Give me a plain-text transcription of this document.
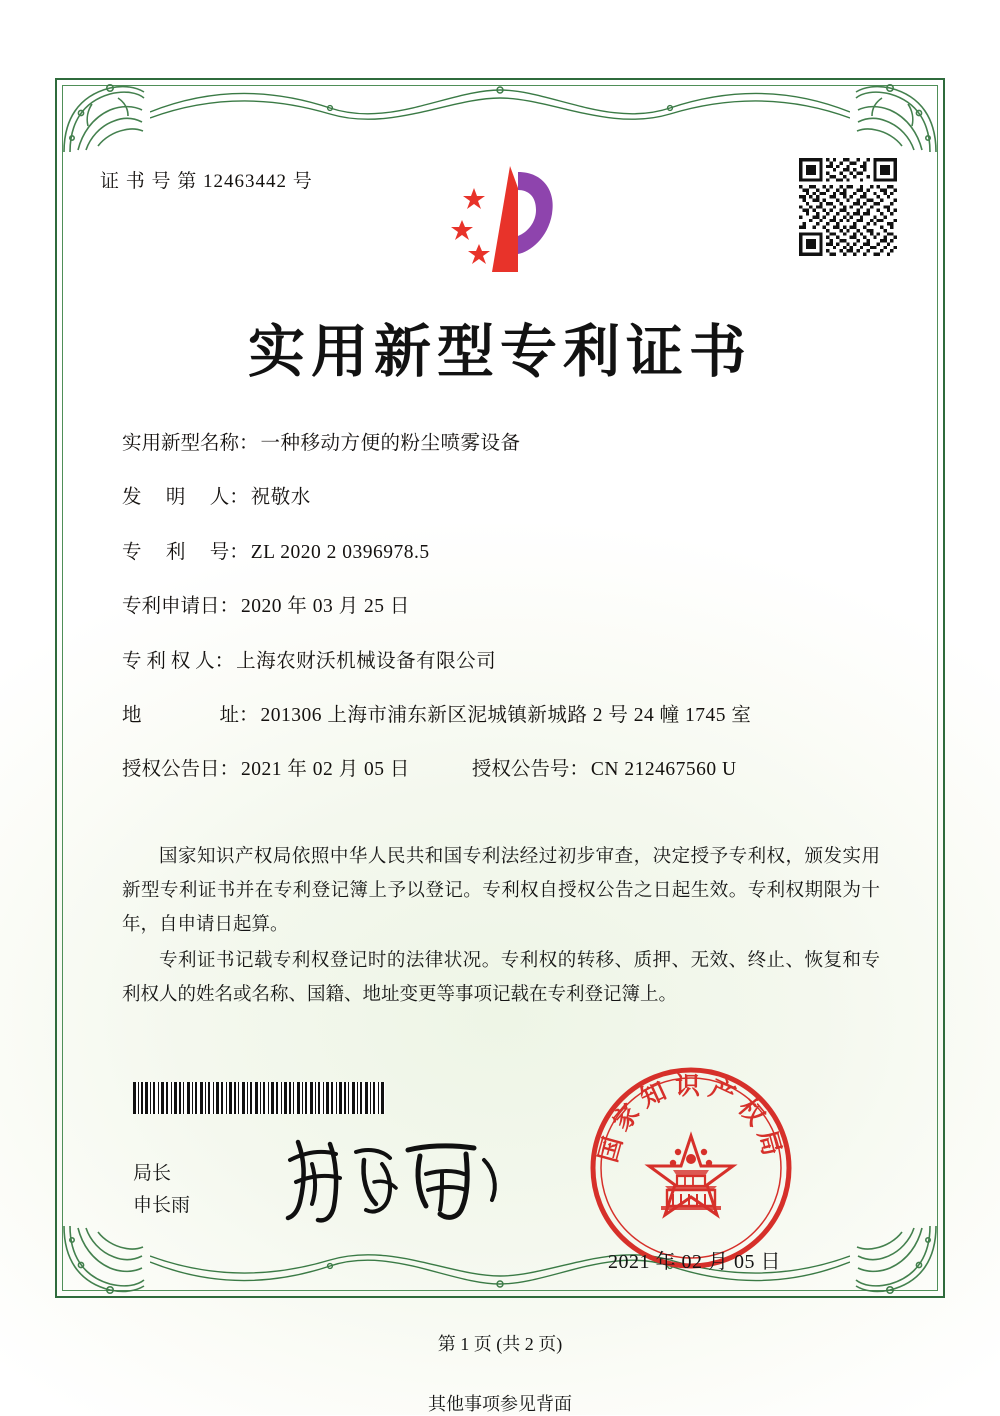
证 书 号 第 12463442 号
实用新型专利证书
实用新型名称： 一种移动方便的粉尘喷雾设备
发　 明　 人： 祝敬水
专　 利　 号： ZL 2020 2 0396978.5
专利申请日： 2020 年 03 月 25 日
专 利 权 人： 上海农财沃机械设备有限公司
地　　　　址： 201306 上海市浦东新区泥城镇新城路 2 号 24 幢 1745 室
授权公告日： 2021 年 02 月 05 日	授权公告号： CN 212467560 U

国家知识产权局依照中华人民共和国专利法经过初步审查，决定授予专利权，颁发实用新型专利证书并在专利登记簿上予以登记。专利权自授权公告之日起生效。专利权期限为十年，自申请日起算。

专利证书记载专利权登记时的法律状况。专利权的转移、质押、无效、终止、恢复和专利权人的姓名或名称、国籍、地址变更等事项记载在专利登记簿上。

局长
申长雨
国家知识产权局
2021 年 02 月 05 日
第 1 页 (共 2 页)
其他事项参见背面
